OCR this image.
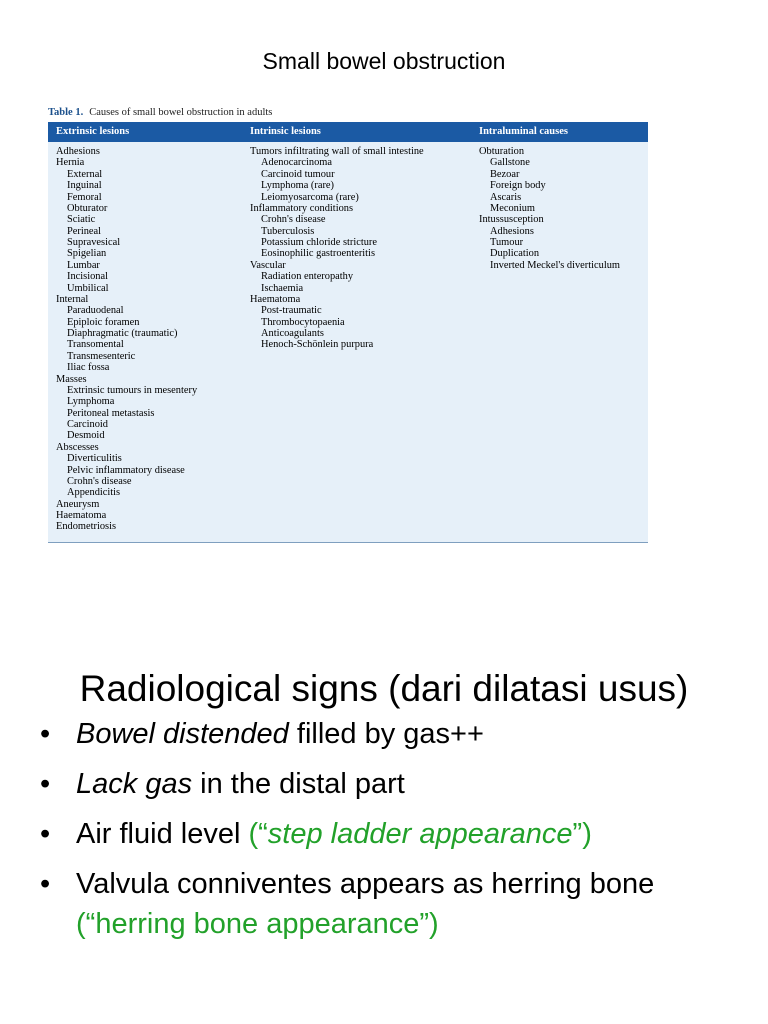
Small bowel obstruction
Table 1. Causes of small bowel obstruction in adults
Extrinsic lesions	Intrinsic lesions	Intraluminal causes
Adhesions
Hernia
External
Inguinal
Femoral
Obturator
Sciatic
Perineal
Supravesical
Spigelian
Lumbar
Incisional
Umbilical
Internal
Paraduodenal
Epiploic foramen
Diaphragmatic (traumatic)
Transomental
Transmesenteric
Iliac fossa
Masses
Extrinsic tumours in mesentery
Lymphoma
Peritoneal metastasis
Carcinoid
Desmoid
Abscesses
Diverticulitis
Pelvic inflammatory disease
Crohn's disease
Appendicitis
Aneurysm
Haematoma
Endometriosis
Tumors infiltrating wall of small intestine
Adenocarcinoma
Carcinoid tumour
Lymphoma (rare)
Leiomyosarcoma (rare)
Inflammatory conditions
Crohn's disease
Tuberculosis
Potassium chloride stricture
Eosinophilic gastroenteritis
Vascular
Radiation enteropathy
Ischaemia
Haematoma
Post-traumatic
Thrombocytopaenia
Anticoagulants
Henoch-Schönlein purpura
Obturation
Gallstone
Bezoar
Foreign body
Ascaris
Meconium
Intussusception
Adhesions
Tumour
Duplication
Inverted Meckel's diverticulum
Radiological signs (dari dilatasi usus)
• Bowel distended filled by gas++
• Lack gas in the distal part
• Air fluid level (“step ladder appearance”)
• Valvula conniventes appears as herring bone
(“herring bone appearance”)
